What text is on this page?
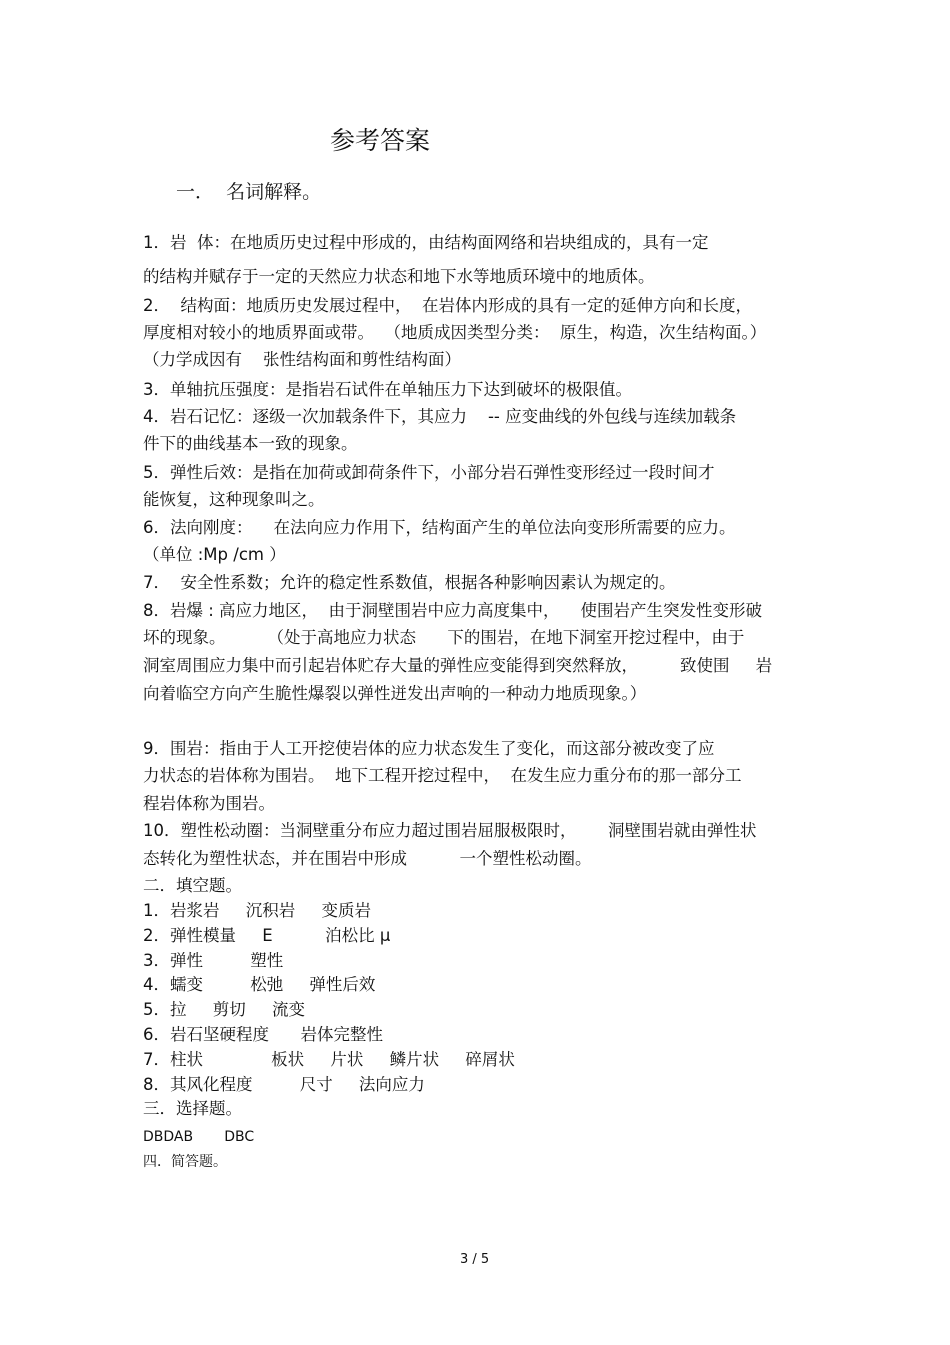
参考答案
一．  名词解释。
1．岩  体：在地质历史过程中形成的，由结构面网络和岩块组成的，具有一定
的结构并赋存于一定的天然应力状态和地下水等地质环境中的地质体。
2．  结构面：地质历史发展过程中，  在岩体内形成的具有一定的延伸方向和长度，
厚度相对较小的地质界面或带。  （地质成因类型分类：  原生，构造，次生结构面。）
（力学成因有    张性结构面和剪性结构面）
3．单轴抗压强度：是指岩石试件在单轴压力下达到破坏的极限值。
4．岩石记忆：逐级一次加载条件下，其应力    -- 应变曲线的外包线与连续加载条
件下的曲线基本一致的现象。
5．弹性后效：是指在加荷或卸荷条件下，小部分岩石弹性变形经过一段时间才
能恢复，这种现象叫之。
6．法向刚度：    在法向应力作用下，结构面产生的单位法向变形所需要的应力。
（单位 :Mp /cm ）
7．  安全性系数；允许的稳定性系数值，根据各种影响因素认为规定的。
8．岩爆 : 高应力地区，  由于洞壁围岩中应力高度集中，    使围岩产生突发性变形破
坏的现象。        （处于高地应力状态      下的围岩，在地下洞室开挖过程中，由于
洞室周围应力集中而引起岩体贮存大量的弹性应变能得到突然释放，        致使围     岩
向着临空方向产生脆性爆裂以弹性迸发出声响的一种动力地质现象。）
9．围岩：指由于人工开挖使岩体的应力状态发生了变化，而这部分被改变了应
力状态的岩体称为围岩。  地下工程开挖过程中，  在发生应力重分布的那一部分工
程岩体称为围岩。
10．塑性松动圈：当洞壁重分布应力超过围岩屈服极限时，      洞壁围岩就由弹性状
态转化为塑性状态，并在围岩中形成          一个塑性松动圈。
二．填空题。
1．岩浆岩     沉积岩     变质岩
2．弹性模量     E          泊松比 μ
3．弹性         塑性
4．蠕变         松弛     弹性后效
5．拉     剪切     流变
6．岩石坚硬程度      岩体完整性
7．柱状             板状     片状     鳞片状     碎屑状
8．其风化程度         尺寸     法向应力
三．选择题。
DBDAB       DBC
四．简答题。
3 / 5
